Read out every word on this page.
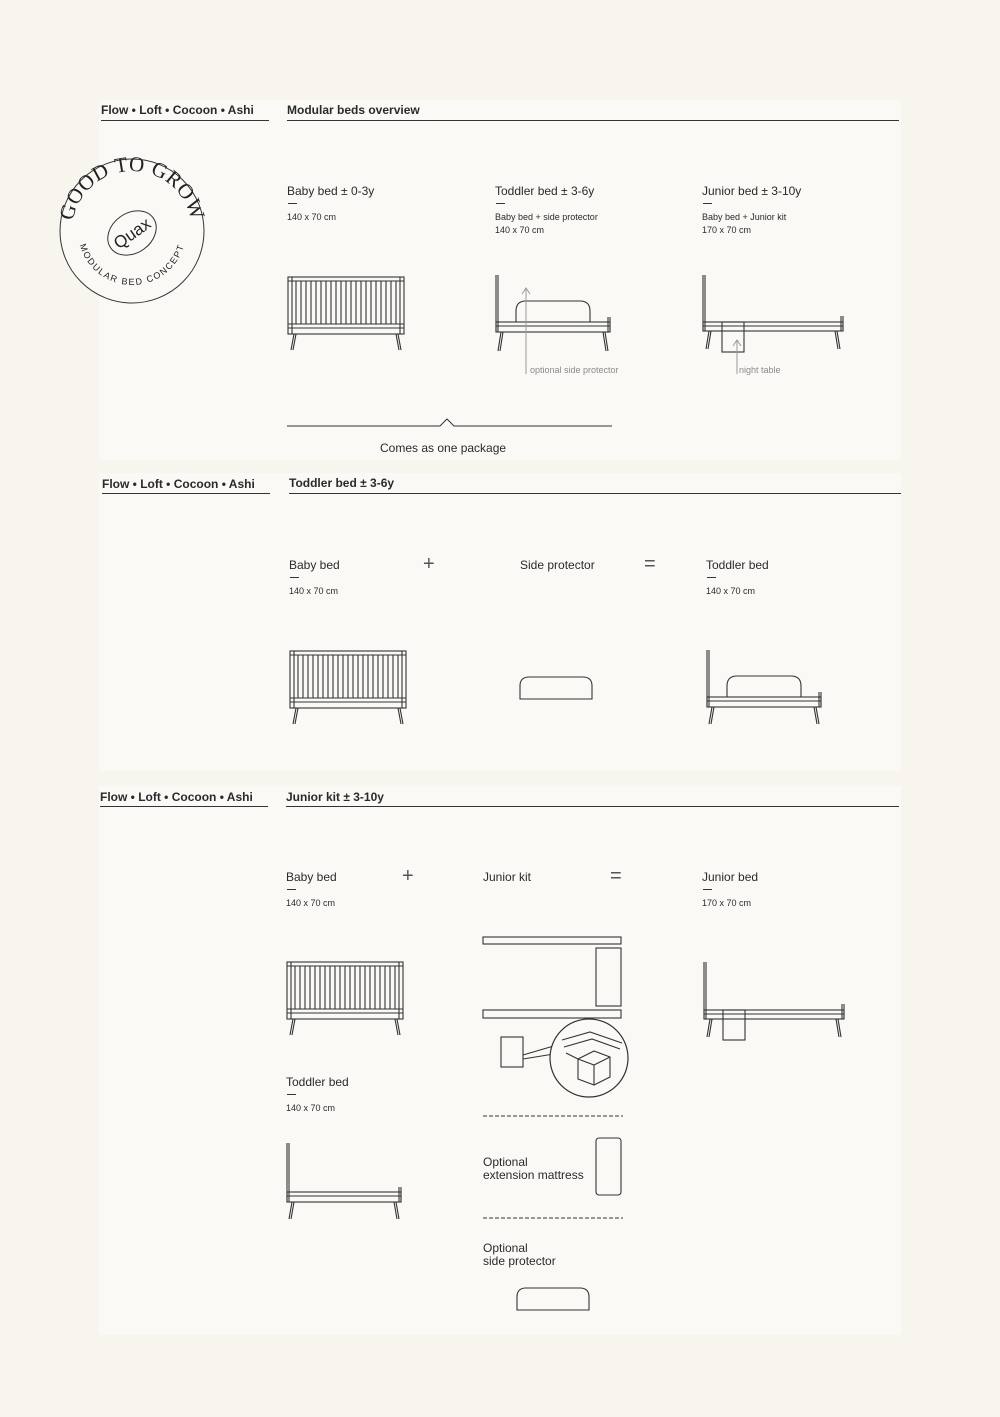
GOOD TO GROW
MODULAR BED CONCEPT
Quax
Flow • Loft • Cocoon • Ashi	Modular beds overview
Baby bed ± 0-3y
140 x 70 cm
Toddler bed ± 3-6y
Baby bed + side protector
140 x 70 cm
Junior bed ± 3-10y
Baby bed + Junior kit
170 x 70 cm
optional side protector	night table
Comes as one package
Flow • Loft • Cocoon • Ashi	Toddler bed ± 3-6y
Baby bed
140 x 70 cm
+	Side protector =	Toddler bed
140 x 70 cm
Flow • Loft • Cocoon • Ashi	Junior kit ± 3-10y
Baby bed
140 x 70 cm
+	Junior kit	=	Junior bed
170 x 70 cm
Toddler bed
140 x 70 cm
Optional
extension mattress
Optional
side protector
